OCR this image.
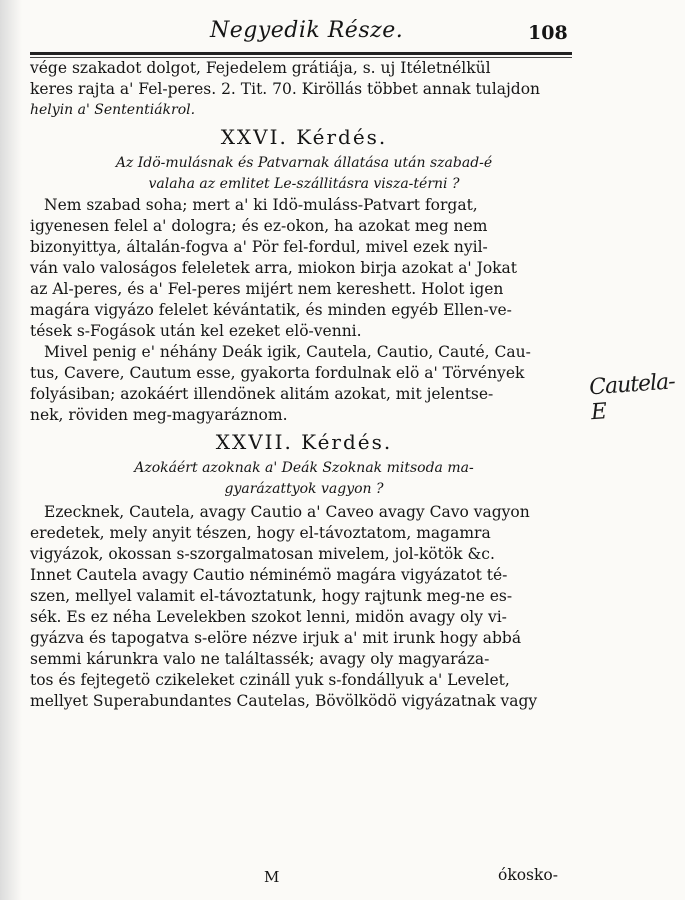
Negyedik Része.	108
vége szakadot dolgot, Fejedelem grátiája, s. uj Itéletnélkül
keres rajta a' Fel-peres. 2. Tit. 70. Kiröllás többet annak tulajdon
helyin a' Sententiákrol.
XXVI. Kérdés.
Az Idö-mulásnak és Patvarnak állatása után szabad-é
valaha az emlitet Le-szállitásra visza-térni ?
Nem szabad soha; mert a' ki Idö-muláss-Patvart forgat,
igyenesen felel a' dologra; és ez-okon, ha azokat meg nem
bizonyittya, általán-fogva a' Pör fel-fordul, mivel ezek nyil-
ván valo valoságos feleletek arra, miokon birja azokat a' Jokat
az Al-peres, és a' Fel-peres mijért nem kereshett. Holot igen
magára vigyázo felelet kévántatik, és minden egyéb Ellen-ve-
tések s-Fogások után kel ezeket elö-venni.
Mivel penig e' néhány Deák igik, Cautela, Cautio, Cauté, Cau-
tus, Cavere, Cautum esse, gyakorta fordulnak elö a' Törvények
folyásiban; azokáért illendönek alitám azokat, mit jelentse-
nek, röviden meg-magyaráznom.
XXVII. Kérdés.
Azokáért azoknak a' Deák Szoknak mitsoda ma-
gyarázattyok vagyon ?
Ezecknek, Cautela, avagy Cautio a' Caveo avagy Cavo vagyon
eredetek, mely anyit tészen, hogy el-távoztatom, magamra
vigyázok, okossan s-szorgalmatosan mivelem, jol-kötök &c.
Innet Cautela avagy Cautio néminémö magára vigyázatot té-
szen, mellyel valamit el-távoztatunk, hogy rajtunk meg-ne es-
sék. Es ez néha Levelekben szokot lenni, midön avagy oly vi-
gyázva és tapogatva s-elöre nézve irjuk a' mit irunk hogy abbá
semmi kárunkra valo ne találtassék; avagy oly magyaráza-
tos és fejtegetö czikeleket czináll yuk s-fondállyuk a' Levelet,
mellyet Superabundantes Cautelas, Bövölködö vigyázatnak vagy
Cautela-E
M	ókosko-
